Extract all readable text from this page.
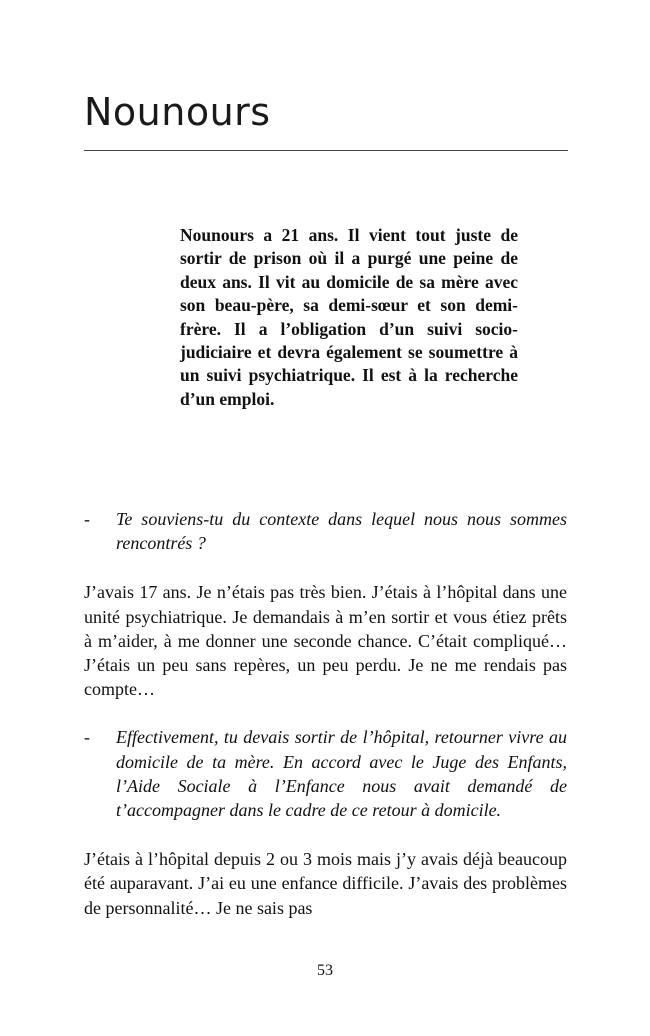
Nounours

Nounours a 21 ans. Il vient tout juste de sortir de prison où il a purgé une peine de deux ans. Il vit au domicile de sa mère avec son beau-père, sa demi-sœur et son demi-frère. Il a l’obligation d’un suivi socio-judiciaire et devra également se soumettre à un suivi psychiatrique. Il est à la recherche d’un emploi.

- Te souviens-tu du contexte dans lequel nous nous sommes rencontrés ?

J’avais 17 ans. Je n’étais pas très bien. J’étais à l’hôpital dans une unité psychiatrique. Je demandais à m’en sortir et vous étiez prêts à m’aider, à me donner une seconde chance. C’était compliqué… J’étais un peu sans repères, un peu perdu. Je ne me rendais pas compte…

- Effectivement, tu devais sortir de l’hôpital, retourner vivre au domicile de ta mère. En accord avec le Juge des Enfants, l’Aide Sociale à l’Enfance nous avait demandé de t’accompagner dans le cadre de ce retour à domicile.

J’étais à l’hôpital depuis 2 ou 3 mois mais j’y avais déjà beaucoup été auparavant. J’ai eu une enfance difficile. J’avais des problèmes de personnalité… Je ne sais pas

53
